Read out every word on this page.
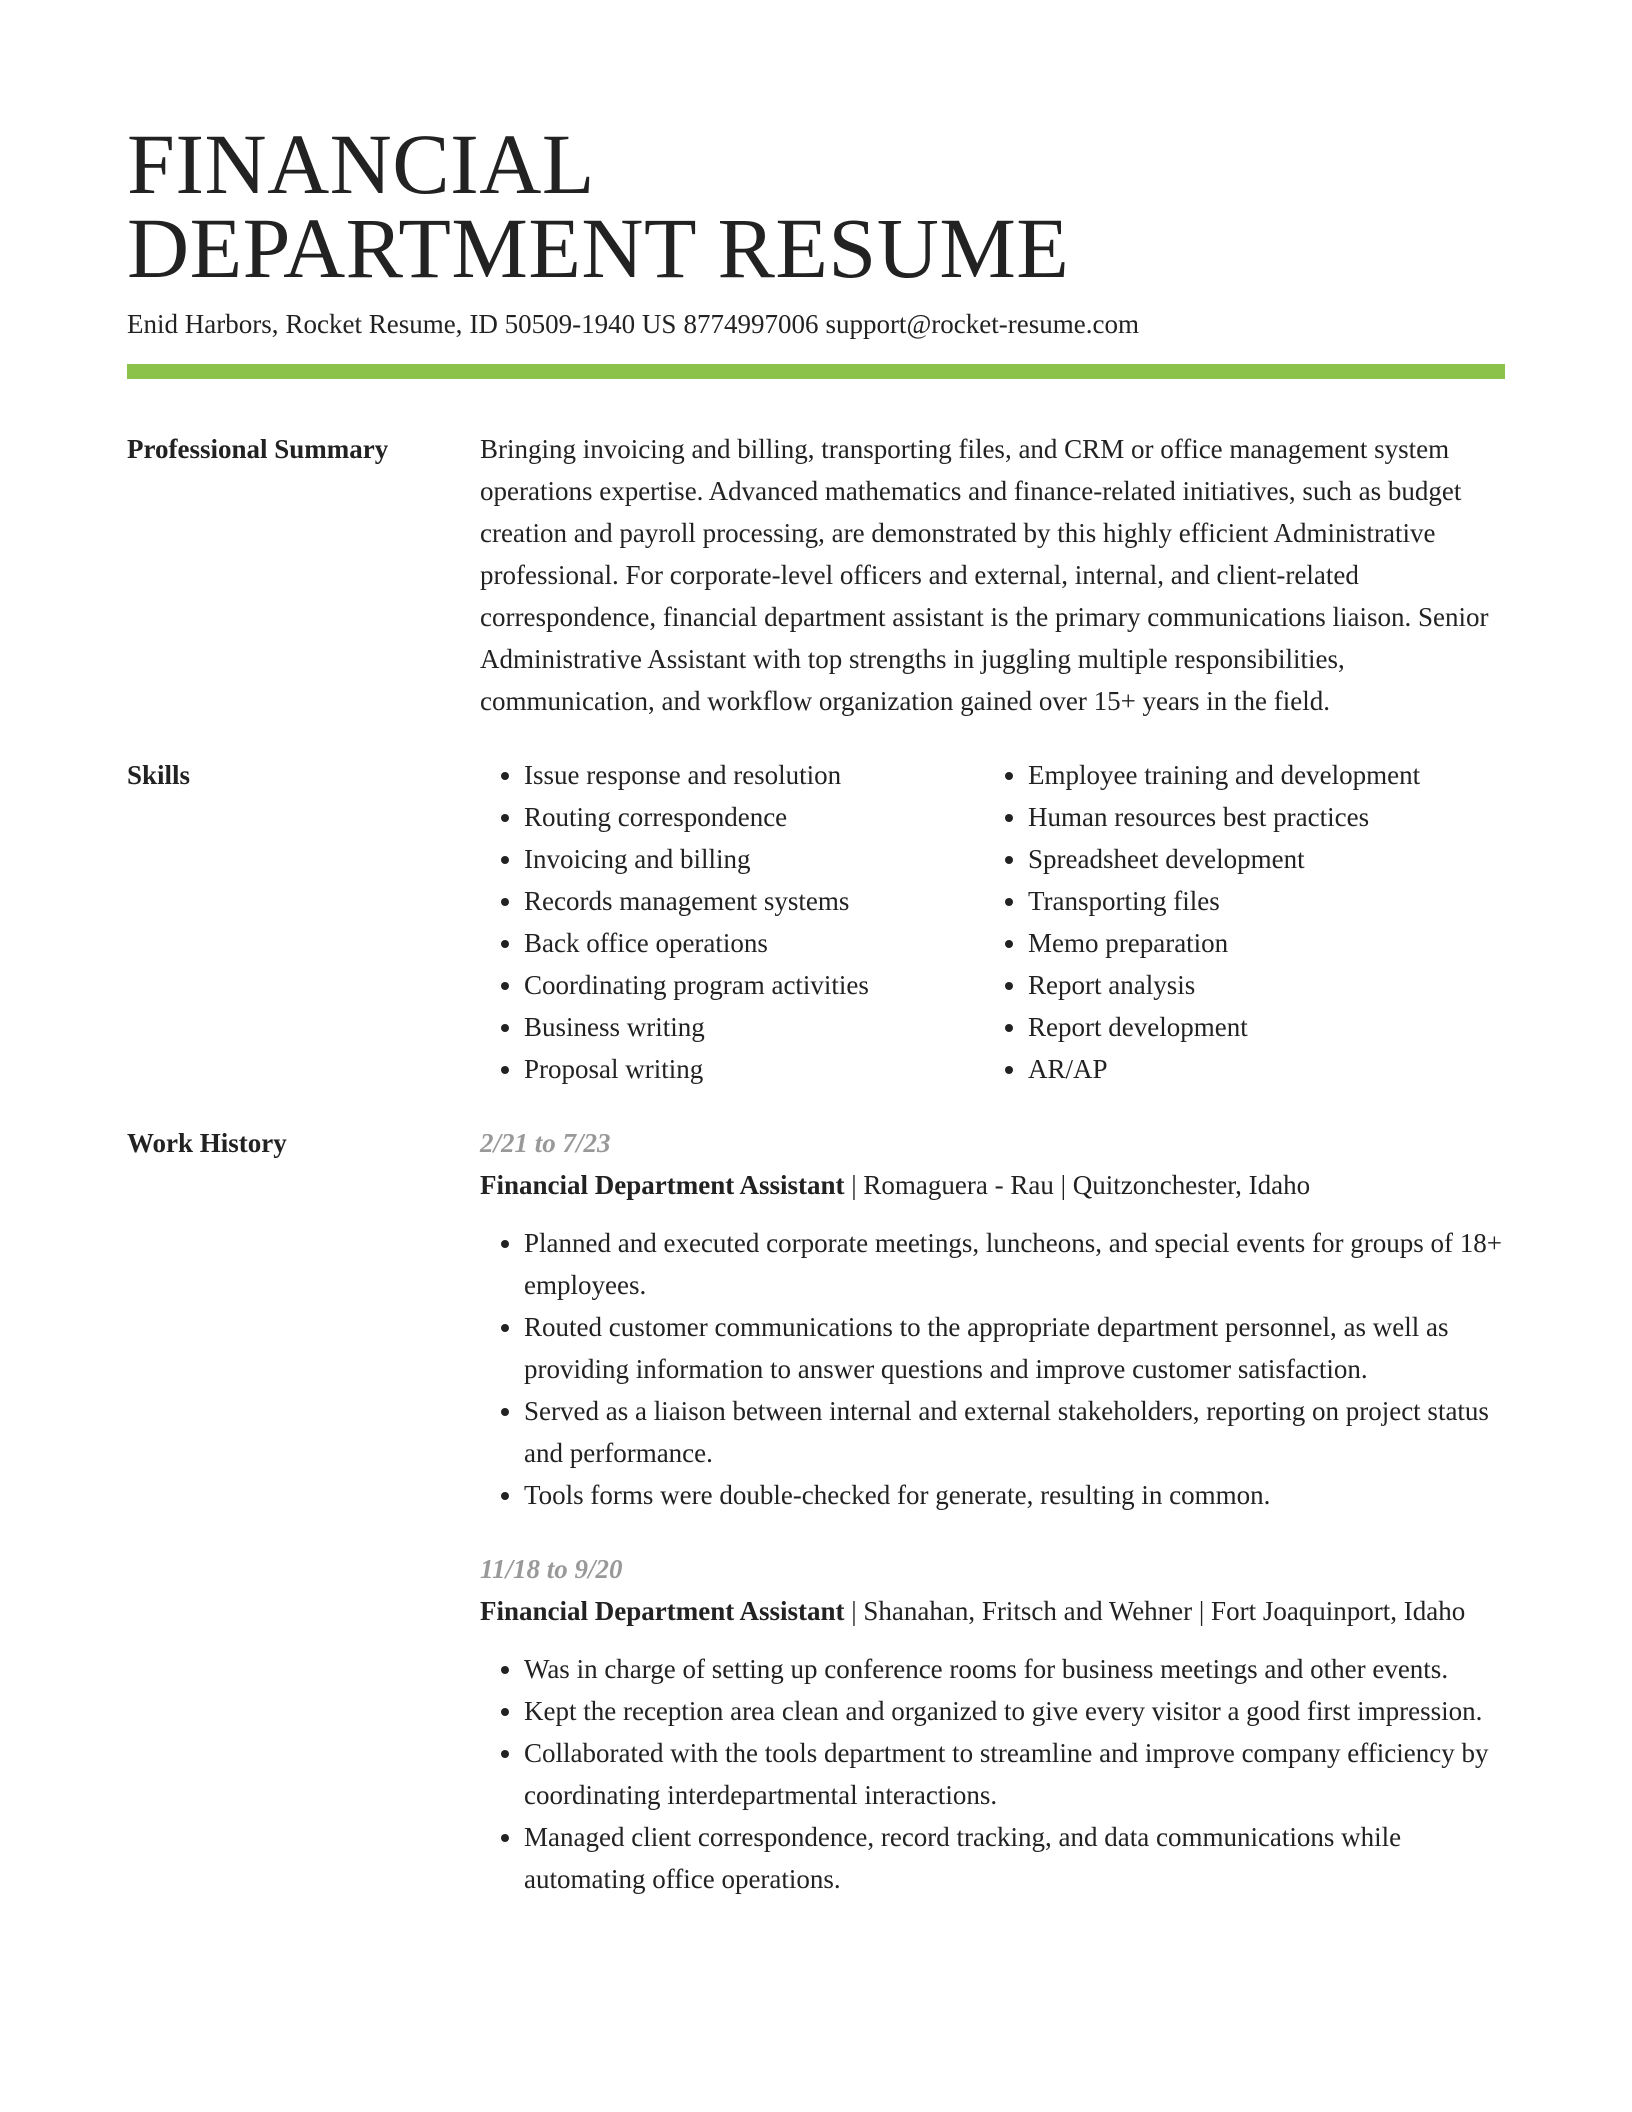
FINANCIAL
DEPARTMENT RESUME
Enid Harbors, Rocket Resume, ID 50509-1940 US 8774997006 support@rocket-resume.com
Professional Summary	Bringing invoicing and billing, transporting files, and CRM or office management system operations expertise. Advanced mathematics and finance-related initiatives, such as budget creation and payroll processing, are demonstrated by this highly efficient Administrative professional. For corporate-level officers and external, internal, and client-related correspondence, financial department assistant is the primary communications liaison. Senior Administrative Assistant with top strengths in juggling multiple responsibilities, communication, and workflow organization gained over 15+ years in the field.

Skills
•	Issue response and resolution
• Routing correspondence
• Invoicing and billing
• Records management systems
• Back office operations
• Coordinating program activities
• Business writing
• Proposal writing
• Employee training and development
• Human resources best practices
• Spreadsheet development
• Transporting files
• Memo preparation
• Report analysis
• Report development
• AR/AP
Work History	2/21 to 7/23
Financial Department Assistant | Romaguera - Rau | Quitzonchester, Idaho
• Planned and executed corporate meetings, luncheons, and special events for groups of 18+ employees.
• Routed customer communications to the appropriate department personnel, as well as providing information to answer questions and improve customer satisfaction.
• Served as a liaison between internal and external stakeholders, reporting on project status and performance.
• Tools forms were double-checked for generate, resulting in common.
11/18 to 9/20
Financial Department Assistant | Shanahan, Fritsch and Wehner | Fort Joaquinport, Idaho
• Was in charge of setting up conference rooms for business meetings and other events.
• Kept the reception area clean and organized to give every visitor a good first impression.
• Collaborated with the tools department to streamline and improve company efficiency by coordinating interdepartmental interactions.
• Managed client correspondence, record tracking, and data communications while automating office operations.
